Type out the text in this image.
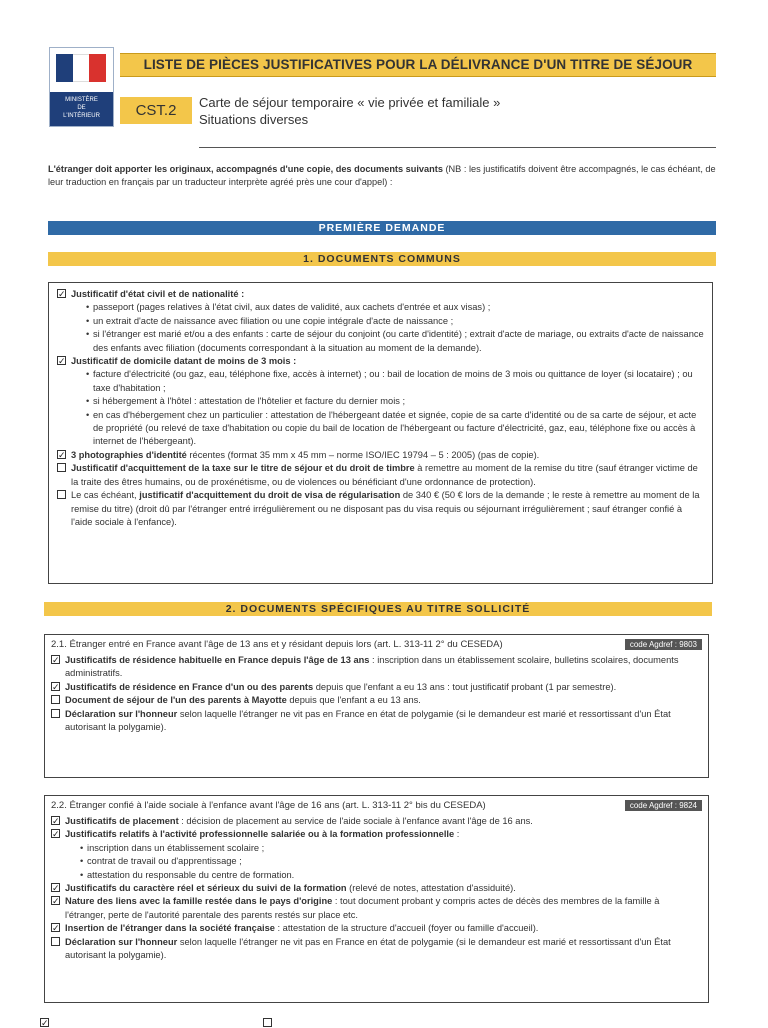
MINISTÈRE
DE
L'INTÉRIEUR
LISTE DE PIÈCES JUSTIFICATIVES POUR LA DÉLIVRANCE D'UN TITRE DE SÉJOUR
CST.2	Carte de séjour temporaire « vie privée et familiale »
Situations diverses
L'étranger doit apporter les originaux, accompagnés d'une copie, des documents suivants (NB : les justificatifs doivent être accompagnés, le cas échéant, de leur traduction en français par un traducteur interprète agréé près une cour d'appel) :
PREMIÈRE DEMANDE
1. DOCUMENTS COMMUNS
✓ Justificatif d'état civil et de nationalité :
• passeport (pages relatives à l'état civil, aux dates de validité, aux cachets d'entrée et aux visas) ;
• un extrait d'acte de naissance avec filiation ou une copie intégrale d'acte de naissance ;
• si l'étranger est marié et/ou a des enfants : carte de séjour du conjoint (ou carte d'identité) ; extrait d'acte de mariage, ou extraits d'acte de naissance des enfants avec filiation (documents correspondant à la situation au moment de la demande).
✓ Justificatif de domicile datant de moins de 3 mois :
• facture d'électricité (ou gaz, eau, téléphone fixe, accès à internet) ; ou : bail de location de moins de 3 mois ou quittance de loyer (si locataire) ; ou taxe d'habitation ;
• si hébergement à l'hôtel : attestation de l'hôtelier et facture du dernier mois ;
• en cas d'hébergement chez un particulier : attestation de l'hébergeant datée et signée, copie de sa carte d'identité ou de sa carte de séjour, et acte de propriété (ou relevé de taxe d'habitation ou copie du bail de location de l'hébergeant ou facture d'électricité, gaz, eau, téléphone fixe ou accès à internet de l'hébergeant).
✓ 3 photographies d'identité récentes (format 35 mm x 45 mm – norme ISO/IEC 19794 – 5 : 2005) (pas de copie).
Justificatif d'acquittement de la taxe sur le titre de séjour et du droit de timbre à remettre au moment de la remise du titre (sauf étranger victime de la traite des êtres humains, ou de proxénétisme, ou de violences ou bénéficiant d'une ordonnance de protection).
Le cas échéant, justificatif d'acquittement du droit de visa de régularisation de 340 € (50 € lors de la demande ; le reste à remettre au moment de la remise du titre) (droit dû par l'étranger entré irrégulièrement ou ne disposant pas du visa requis ou séjournant irrégulièrement ; sauf étranger confié à l'aide sociale à l'enfance).
2. DOCUMENTS SPÉCIFIQUES AU TITRE SOLLICITÉ
2.1. Étranger entré en France avant l'âge de 13 ans et y résidant depuis lors (art. L. 313-11 2° du CESEDA)	code Agdref : 9803
✓ Justificatifs de résidence habituelle en France depuis l'âge de 13 ans : inscription dans un établissement scolaire, bulletins scolaires, documents administratifs.
✓ Justificatifs de résidence en France d'un ou des parents depuis que l'enfant a eu 13 ans : tout justificatif probant (1 par semestre).
Document de séjour de l'un des parents à Mayotte depuis que l'enfant a eu 13 ans.
Déclaration sur l'honneur selon laquelle l'étranger ne vit pas en France en état de polygamie (si le demandeur est marié et ressortissant d'un État autorisant la polygamie).
2.2. Étranger confié à l'aide sociale à l'enfance avant l'âge de 16 ans (art. L. 313-11 2° bis du CESEDA)	code Agdref : 9824
✓ Justificatifs de placement : décision de placement au service de l'aide sociale à l'enfance avant l'âge de 16 ans.
✓ Justificatifs relatifs à l'activité professionnelle salariée ou à la formation professionnelle :
• inscription dans un établissement scolaire ;
• contrat de travail ou d'apprentissage ;
• attestation du responsable du centre de formation.
✓ Justificatifs du caractère réel et sérieux du suivi de la formation (relevé de notes, attestation d'assiduité).
✓ Nature des liens avec la famille restée dans le pays d'origine : tout document probant y compris actes de décès des membres de la famille à l'étranger, perte de l'autorité parentale des parents restés sur place etc.
✓ Insertion de l'étranger dans la société française : attestation de la structure d'accueil (foyer ou famille d'accueil).
Déclaration sur l'honneur selon laquelle l'étranger ne vit pas en France en état de polygamie (si le demandeur est marié et ressortissant d'un État autorisant la polygamie).
✓
